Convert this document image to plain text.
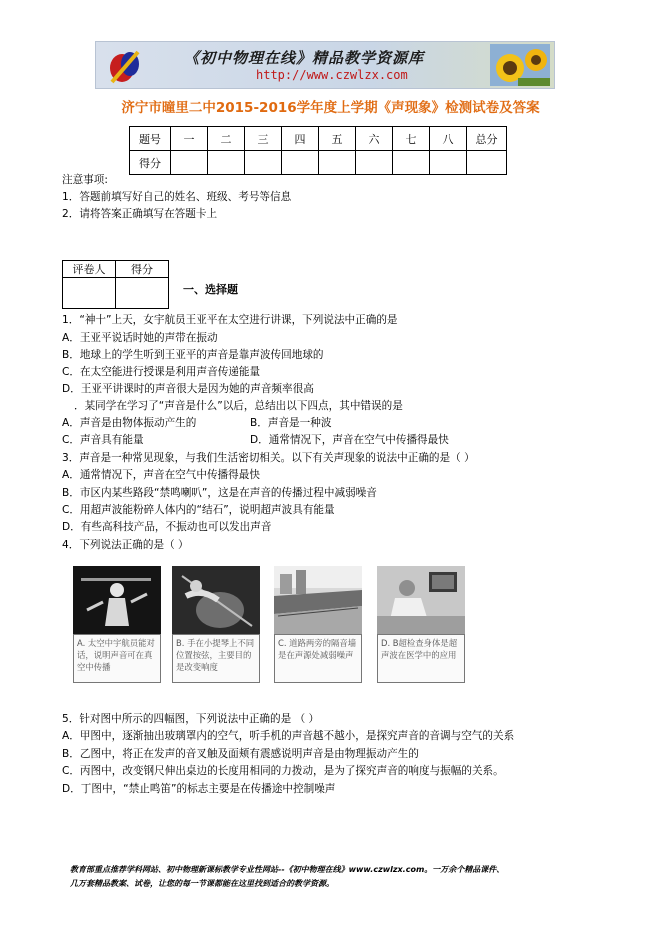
《初中物理在线》精品教学资源库
http://www.czwlzx.com
济宁市曈里二中2015-2016学年度上学期《声现象》检测试卷及答案
题号	一	二	三	四	五	六	七	八	总分
得分									
注意事项:
1．答题前填写好自己的姓名、班级、考号等信息
2．请将答案正确填写在答题卡上
评卷人	得分

一、选择题
1．“神十”上天，女宇航员王亚平在太空进行讲课，下列说法中正确的是
A．王亚平说话时她的声带在振动
B．地球上的学生听到王亚平的声音是靠声波传回地球的
C．在太空能进行授课是利用声音传递能量
D．王亚平讲课时的声音很大是因为她的声音频率很高
．某同学在学习了“声音是什么”以后，总结出以下四点，其中错误的是
A．声音是由物体振动产生的	B．声音是一种波
C．声音具有能量	D．通常情况下，声音在空气中传播得最快
3．声音是一种常见现象，与我们生活密切相关。以下有关声现象的说法中正确的是（ ）
A．通常情况下，声音在空气中传播得最快
B．市区内某些路段“禁鸣喇叭”，这是在声音的传播过程中减弱噪音
C．用超声波能粉碎人体内的“结石”，说明超声波具有能量
D．有些高科技产品，不振动也可以发出声音
4．下列说法正确的是（ ）
A. 太空中宇航员能对话，说明声音可在真空中传播
B. 手在小提琴上不同位置按弦，主要目的是改变响度
C. 道路两旁的隔音墙是在声源处减弱噪声
D. B超检查身体是超声波在医学中的应用
5．针对图中所示的四幅图，下列说法中正确的是 （ ）
A．甲图中，逐渐抽出玻璃罩内的空气，听手机的声音越不越小，是探究声音的音调与空气的关系
B．乙图中，将正在发声的音叉触及面颊有震感说明声音是由物理振动产生的
C．丙图中，改变钢尺伸出桌边的长度用相同的力拨动，是为了探究声音的响度与振幅的关系。
D．丁图中，“禁止鸣笛”的标志主要是在传播途中控制噪声
教育部重点推荐学科网站、初中物理新课标教学专业性网站--《初中物理在线》www.czwlzx.com。一万余个精品课件、
几万套精品教案、试卷，让您的每一节课都能在这里找到适合的教学资源。
